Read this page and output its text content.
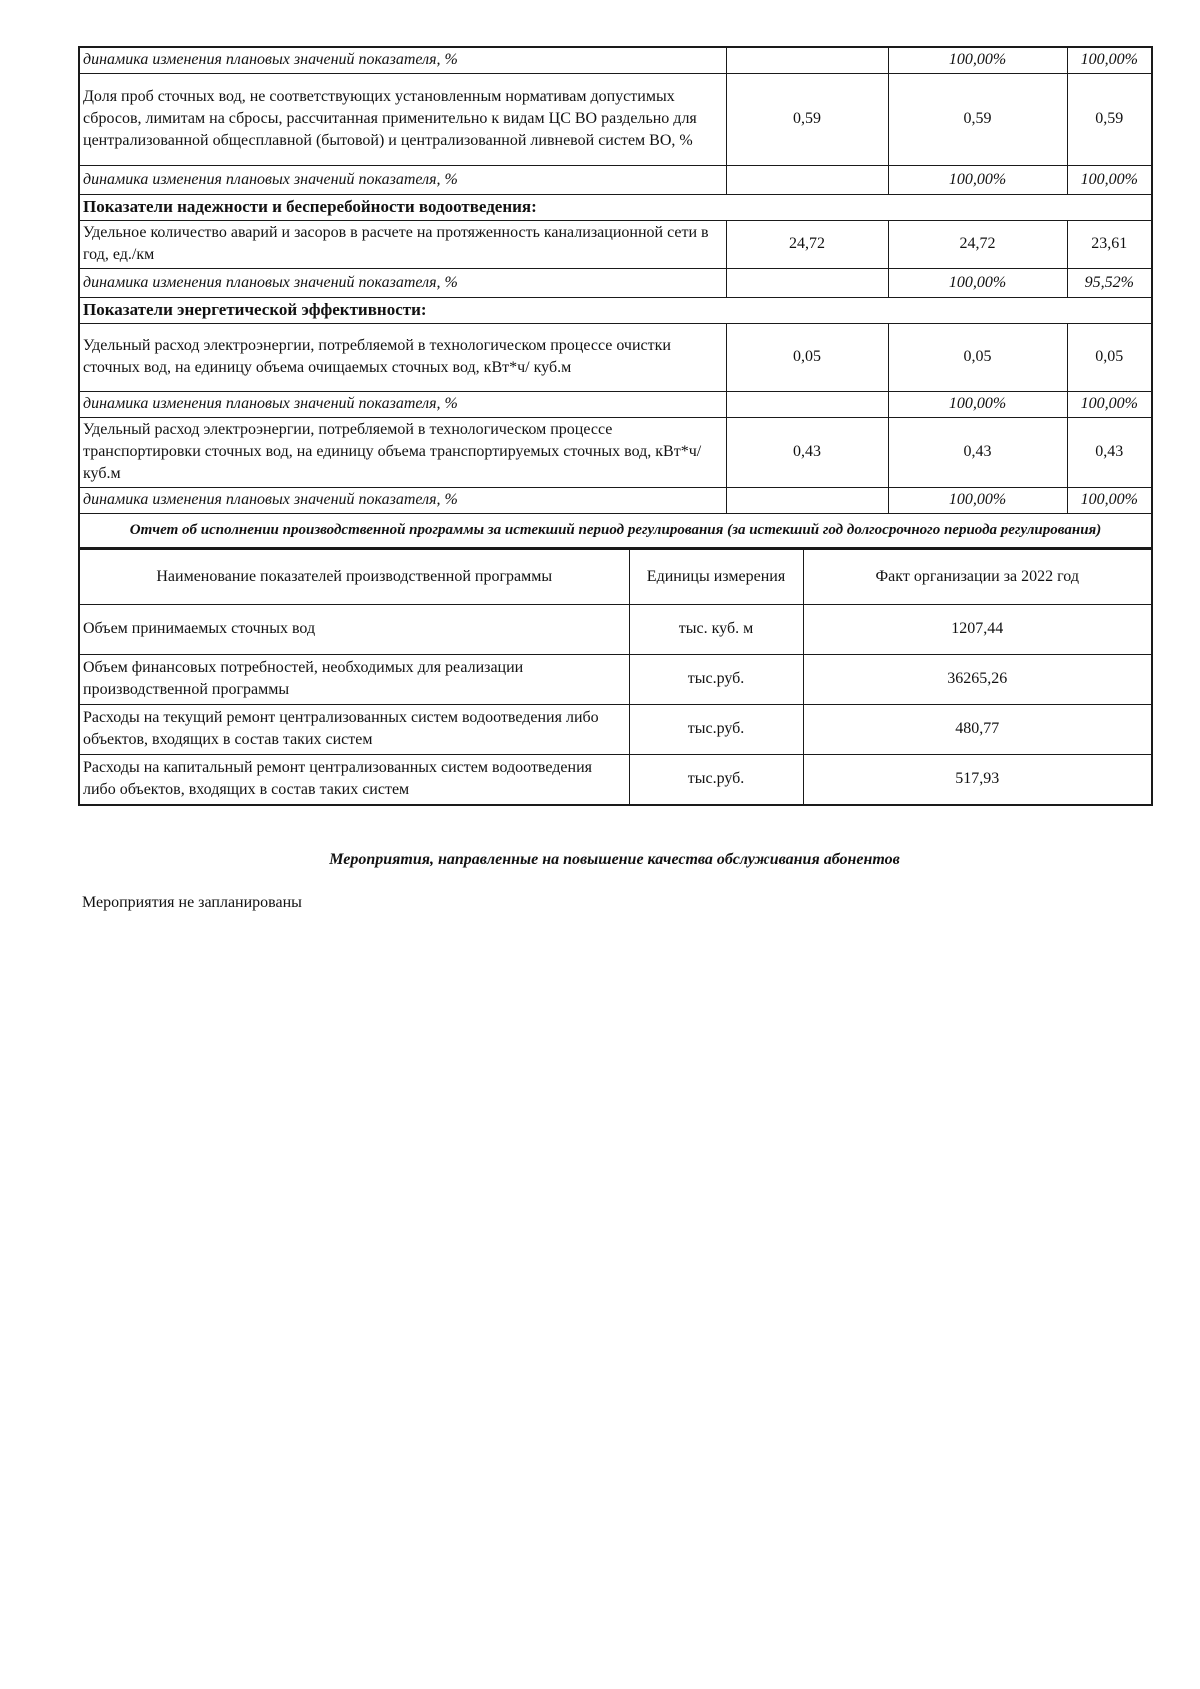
динамика изменения плановых значений показателя, %		100,00%	100,00%
Доля проб сточных вод, не соответствующих установленным нормативам допустимых сбросов, лимитам на сбросы, рассчитанная применительно к видам ЦС ВО раздельно для централизованной общесплавной (бытовой) и централизованной ливневой систем ВО, %	0,59	0,59	0,59
динамика изменения плановых значений показателя, %		100,00%	100,00%
Показатели надежности и бесперебойности водоотведения:			
Удельное количество аварий и засоров в расчете на протяженность канализационной сети в год, ед./км	24,72	24,72	23,61
динамика изменения плановых значений показателя, %		100,00%	95,52%
Показатели энергетической эффективности:			
Удельный расход электроэнергии, потребляемой в технологическом процессе очистки сточных вод, на единицу объема очищаемых сточных вод, кВт*ч/ куб.м	0,05	0,05	0,05
динамика изменения плановых значений показателя, %		100,00%	100,00%
Удельный расход электроэнергии, потребляемой в технологическом процессе транспортировки сточных вод, на единицу объема транспортируемых сточных вод, кВт*ч/ куб.м	0,43	0,43	0,43
динамика изменения плановых значений показателя, %		100,00%	100,00%
Отчет об исполнении производственной программы за истекший период регулирования (за истекший год долгосрочного периода регулирования)			
Наименование показателей производственной программы	Единицы измерения	Факт организации за 2022 год
Объем принимаемых сточных вод	тыс. куб. м	1207,44
Объем финансовых потребностей, необходимых для реализации производственной программы	тыс.руб.	36265,26
Расходы на текущий ремонт централизованных систем водоотведения либо объектов, входящих в состав таких систем	тыс.руб.	480,77
Расходы на капитальный ремонт централизованных систем водоотведения либо объектов, входящих в состав таких систем	тыс.руб.	517,93
Мероприятия, направленные на повышение качества обслуживания абонентов
Мероприятия не запланированы
